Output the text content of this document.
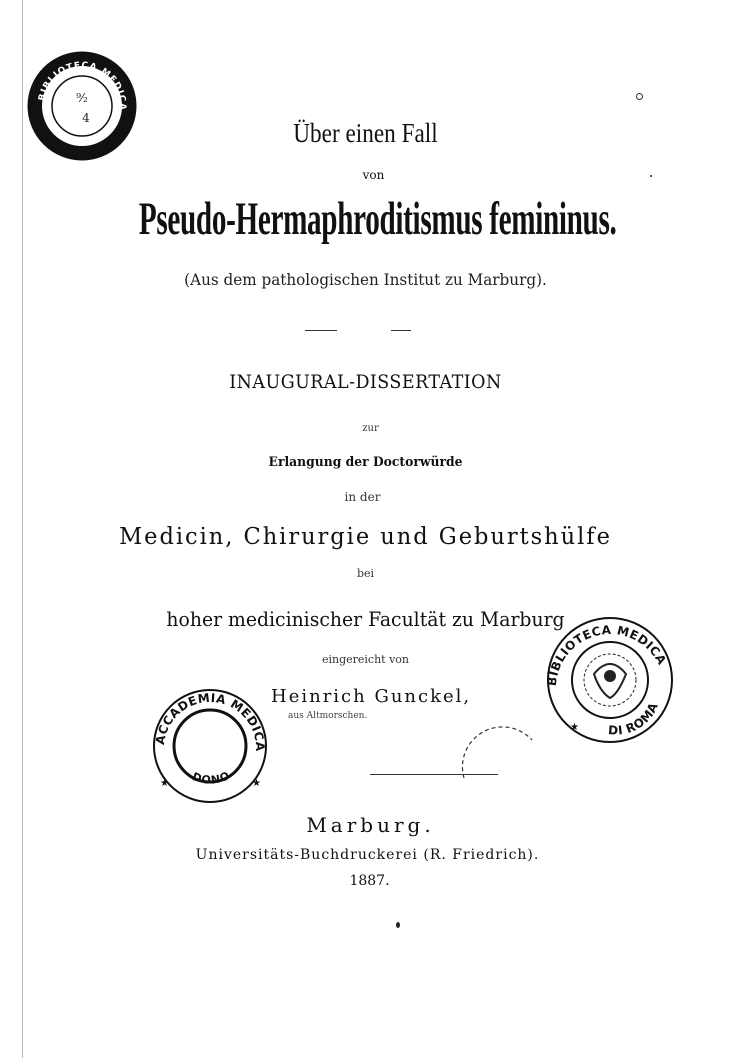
BIBLIOTECA MEDICA
⁹⁄₂
4	Über einen Fall
von
Pseudo-Hermaphroditismus femininus.
(Aus dem pathologischen Institut zu Marburg).
INAUGURAL-DISSERTATION
zur
Erlangung der Doctorwürde
in der
Medicin, Chirurgie und Geburtshülfe
bei
hoher medicinischer Facultät zu Marburg
eingereicht von
Heinrich Gunckel,
aus Altmorschen.
ACCADEMIA MEDICA
DONO
★	★
BIBLIOTECA MEDICA
DI ROMA
★
Marburg.
Universitäts-Buchdruckerei (R. Friedrich).
1887.
